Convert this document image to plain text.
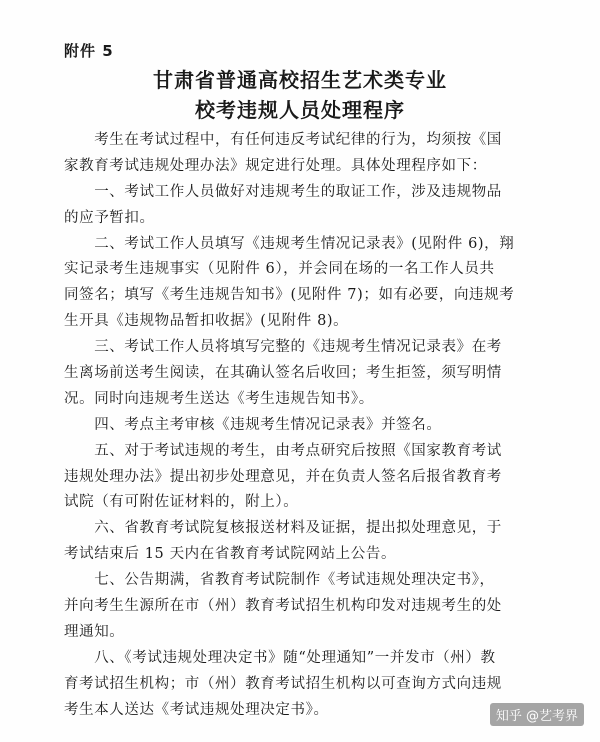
附件 5
甘肃省普通高校招生艺术类专业
校考违规人员处理程序
　　考生在考试过程中，有任何违反考试纪律的行为，均须按《国
家教育考试违规处理办法》规定进行处理。具体处理程序如下：
　　一、考试工作人员做好对违规考生的取证工作，涉及违规物品
的应予暂扣。
　　二、考试工作人员填写《违规考生情况记录表》(见附件 6)，翔
实记录考生违规事实（见附件 6），并会同在场的一名工作人员共
同签名；填写《考生违规告知书》(见附件 7)；如有必要，向违规考
生开具《违规物品暂扣收据》(见附件 8)。
　　三、考试工作人员将填写完整的《违规考生情况记录表》在考
生离场前送考生阅读，在其确认签名后收回；考生拒签，须写明情
况。同时向违规考生送达《考生违规告知书》。
　　四、考点主考审核《违规考生情况记录表》并签名。
　　五、对于考试违规的考生，由考点研究后按照《国家教育考试
违规处理办法》提出初步处理意见，并在负责人签名后报省教育考
试院（有可附佐证材料的，附上）。
　　六、省教育考试院复核报送材料及证据，提出拟处理意见，于
考试结束后 15 天内在省教育考试院网站上公告。
　　七、公告期满，省教育考试院制作《考试违规处理决定书》，
并向考生生源所在市（州）教育考试招生机构印发对违规考生的处
理通知。
　　八、《考试违规处理决定书》随“处理通知”一并发市（州）教
育考试招生机构；市（州）教育考试招生机构以可查询方式向违规
考生本人送达《考试违规处理决定书》。	知乎 @艺考界
